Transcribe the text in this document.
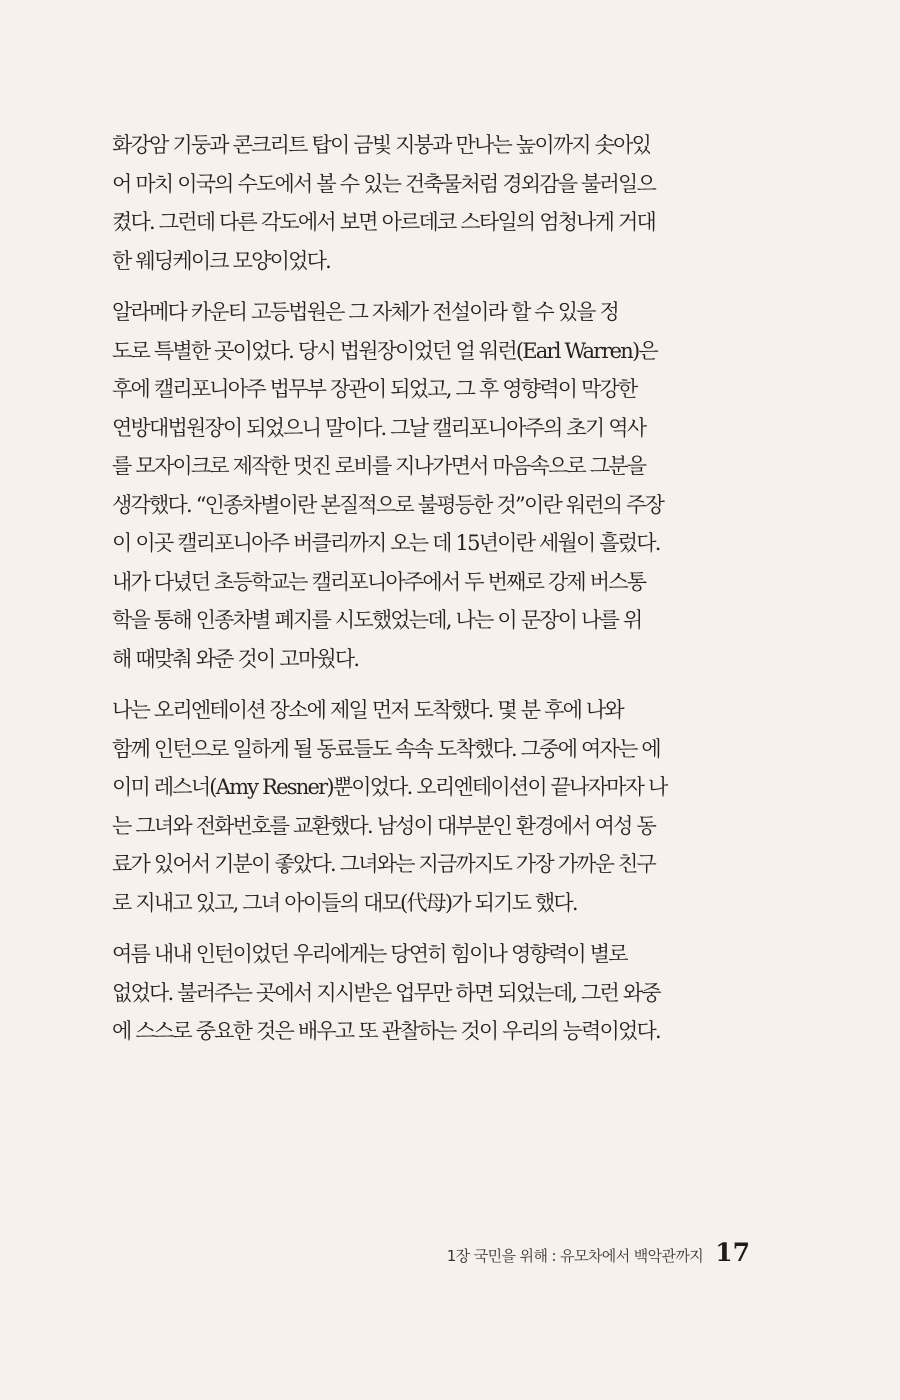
화강암 기둥과 콘크리트 탑이 금빛 지붕과 만나는 높이까지 솟아있
어 마치 이국의 수도에서 볼 수 있는 건축물처럼 경외감을 불러일으
켰다. 그런데 다른 각도에서 보면 아르데코 스타일의 엄청나게 거대
한 웨딩케이크 모양이었다.
알라메다 카운티 고등법원은 그 자체가 전설이라 할 수 있을 정
도로 특별한 곳이었다. 당시 법원장이었던 얼 워런(Earl Warren)은
후에 캘리포니아주 법무부 장관이 되었고, 그 후 영향력이 막강한
연방대법원장이 되었으니 말이다. 그날 캘리포니아주의 초기 역사
를 모자이크로 제작한 멋진 로비를 지나가면서 마음속으로 그분을
생각했다. “인종차별이란 본질적으로 불평등한 것”이란 워런의 주장
이 이곳 캘리포니아주 버클리까지 오는 데 15년이란 세월이 흘렀다.
내가 다녔던 초등학교는 캘리포니아주에서 두 번째로 강제 버스통
학을 통해 인종차별 폐지를 시도했었는데, 나는 이 문장이 나를 위
해 때맞춰 와준 것이 고마웠다.
나는 오리엔테이션 장소에 제일 먼저 도착했다. 몇 분 후에 나와
함께 인턴으로 일하게 될 동료들도 속속 도착했다. 그중에 여자는 에
이미 레스너(Amy Resner)뿐이었다. 오리엔테이션이 끝나자마자 나
는 그녀와 전화번호를 교환했다. 남성이 대부분인 환경에서 여성 동
료가 있어서 기분이 좋았다. 그녀와는 지금까지도 가장 가까운 친구
로 지내고 있고, 그녀 아이들의 대모(代母)가 되기도 했다.
여름 내내 인턴이었던 우리에게는 당연히 힘이나 영향력이 별로
없었다. 불러주는 곳에서 지시받은 업무만 하면 되었는데, 그런 와중
에 스스로 중요한 것은 배우고 또 관찰하는 것이 우리의 능력이었다.
1장 국민을 위해 : 유모차에서 백악관까지 17
